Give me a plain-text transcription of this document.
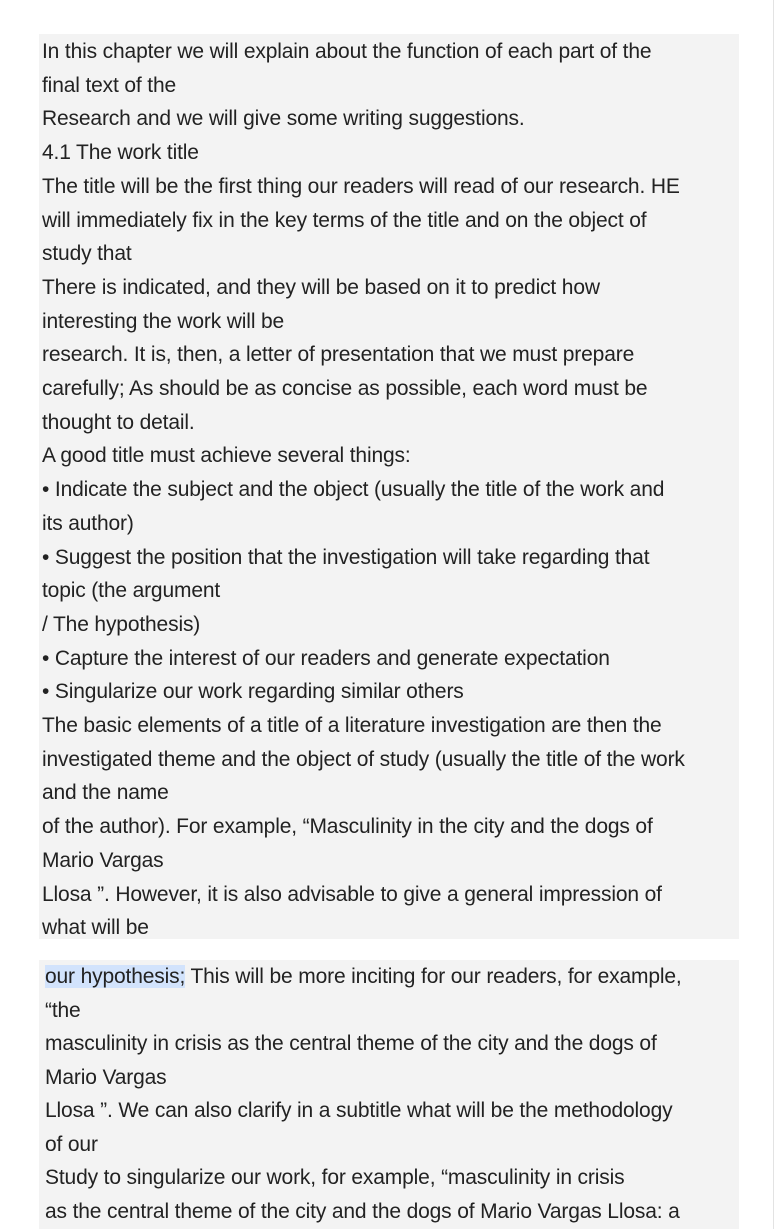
In this chapter we will explain about the function of each part of the
final text of the
Research and we will give some writing suggestions.
4.1 The work title
The title will be the first thing our readers will read of our research. HE
will immediately fix in the key terms of the title and on the object of
study that
There is indicated, and they will be based on it to predict how
interesting the work will be
research. It is, then, a letter of presentation that we must prepare
carefully; As should be as concise as possible, each word must be
thought to detail.
A good title must achieve several things:
• Indicate the subject and the object (usually the title of the work and
its author)
• Suggest the position that the investigation will take regarding that
topic (the argument
/ The hypothesis)
• Capture the interest of our readers and generate expectation
• Singularize our work regarding similar others
The basic elements of a title of a literature investigation are then the
investigated theme and the object of study (usually the title of the work
and the name
of the author). For example, “Masculinity in the city and the dogs of
Mario Vargas
Llosa ”. However, it is also advisable to give a general impression of
what will be
our hypothesis; This will be more inciting for our readers, for example,
“the
masculinity in crisis as the central theme of the city and the dogs of
Mario Vargas
Llosa ”. We can also clarify in a subtitle what will be the methodology
of our
Study to singularize our work, for example, “masculinity in crisis
as the central theme of the city and the dogs of Mario Vargas Llosa: a
